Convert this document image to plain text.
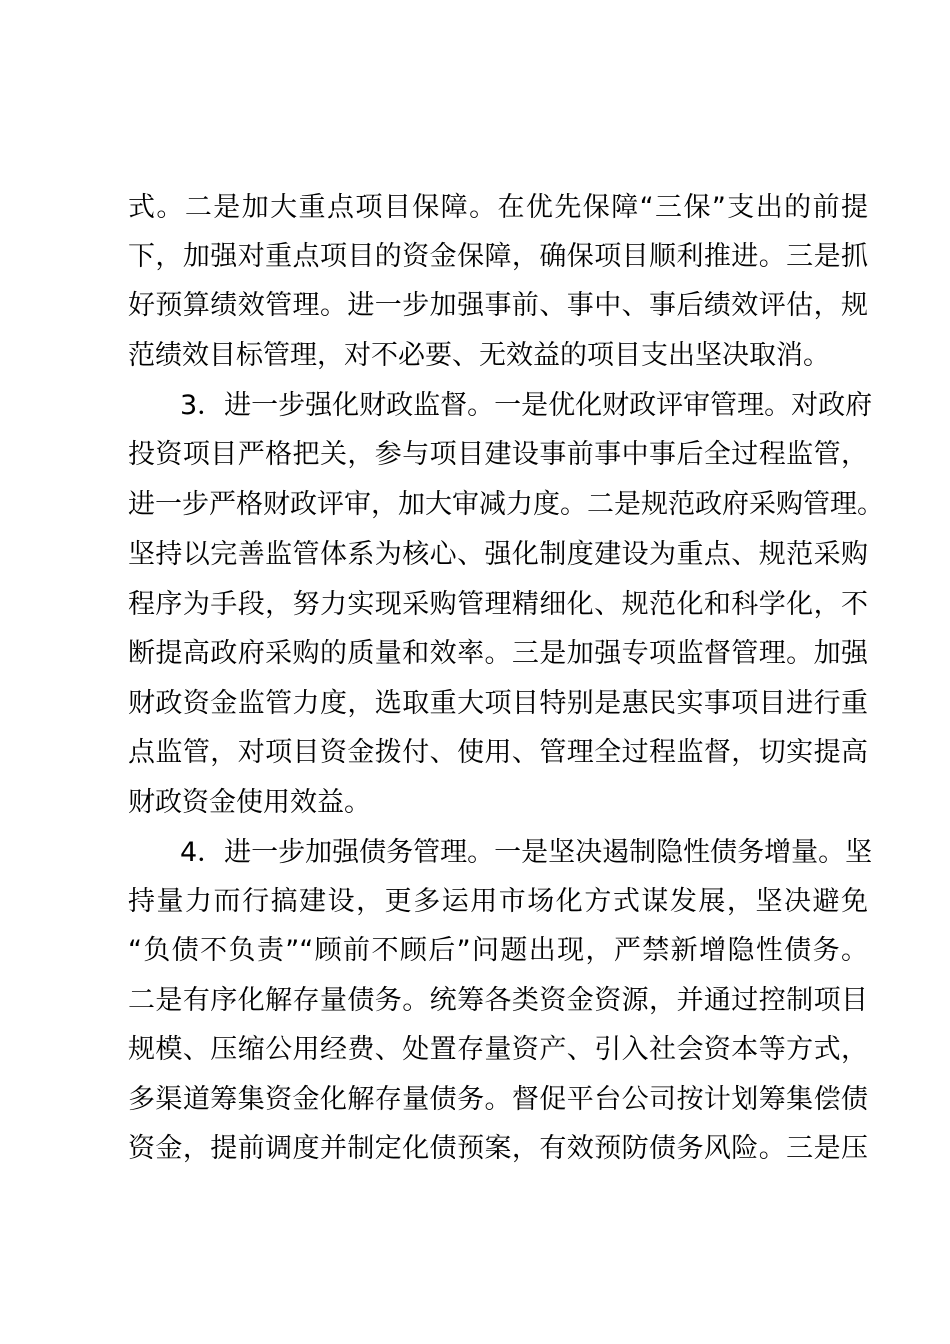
式。二是加大重点项目保障。在优先保障“三保”支出的前提
下，加强对重点项目的资金保障，确保项目顺利推进。三是抓
好预算绩效管理。进一步加强事前、事中、事后绩效评估，规
范绩效目标管理，对不必要、无效益的项目支出坚决取消。
3．进一步强化财政监督。一是优化财政评审管理。对政府
投资项目严格把关，参与项目建设事前事中事后全过程监管，
进一步严格财政评审，加大审减力度。二是规范政府采购管理。
坚持以完善监管体系为核心、强化制度建设为重点、规范采购
程序为手段，努力实现采购管理精细化、规范化和科学化，不
断提高政府采购的质量和效率。三是加强专项监督管理。加强
财政资金监管力度，选取重大项目特别是惠民实事项目进行重
点监管，对项目资金拨付、使用、管理全过程监督，切实提高
财政资金使用效益。
4．进一步加强债务管理。一是坚决遏制隐性债务增量。坚
持量力而行搞建设，更多运用市场化方式谋发展，坚决避免
“负债不负责”“顾前不顾后”问题出现，严禁新增隐性债务。
二是有序化解存量债务。统筹各类资金资源，并通过控制项目
规模、压缩公用经费、处置存量资产、引入社会资本等方式，
多渠道筹集资金化解存量债务。督促平台公司按计划筹集偿债
资金，提前调度并制定化债预案，有效预防债务风险。三是压
